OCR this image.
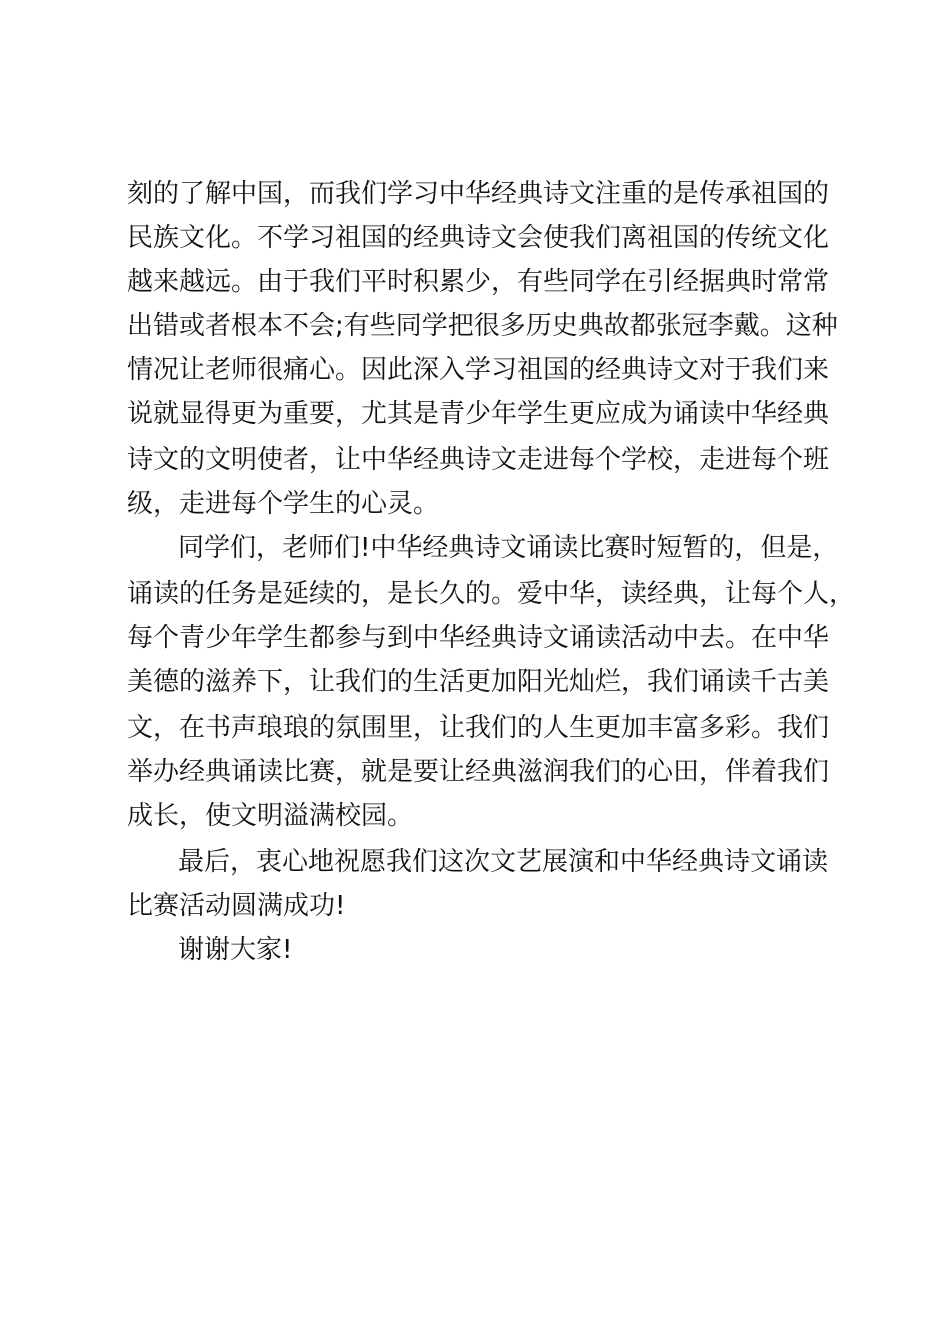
刻的了解中国，而我们学习中华经典诗文注重的是传承祖国的
民族文化。不学习祖国的经典诗文会使我们离祖国的传统文化
越来越远。由于我们平时积累少，有些同学在引经据典时常常
出错或者根本不会;有些同学把很多历史典故都张冠李戴。这种
情况让老师很痛心。因此深入学习祖国的经典诗文对于我们来
说就显得更为重要，尤其是青少年学生更应成为诵读中华经典
诗文的文明使者，让中华经典诗文走进每个学校，走进每个班
级，走进每个学生的心灵。
同学们，老师们!中华经典诗文诵读比赛时短暂的，但是，
诵读的任务是延续的，是长久的。爱中华，读经典，让每个人，
每个青少年学生都参与到中华经典诗文诵读活动中去。在中华
美德的滋养下，让我们的生活更加阳光灿烂，我们诵读千古美
文，在书声琅琅的氛围里，让我们的人生更加丰富多彩。我们
举办经典诵读比赛，就是要让经典滋润我们的心田，伴着我们
成长，使文明溢满校园。
最后，衷心地祝愿我们这次文艺展演和中华经典诗文诵读
比赛活动圆满成功!
谢谢大家!
